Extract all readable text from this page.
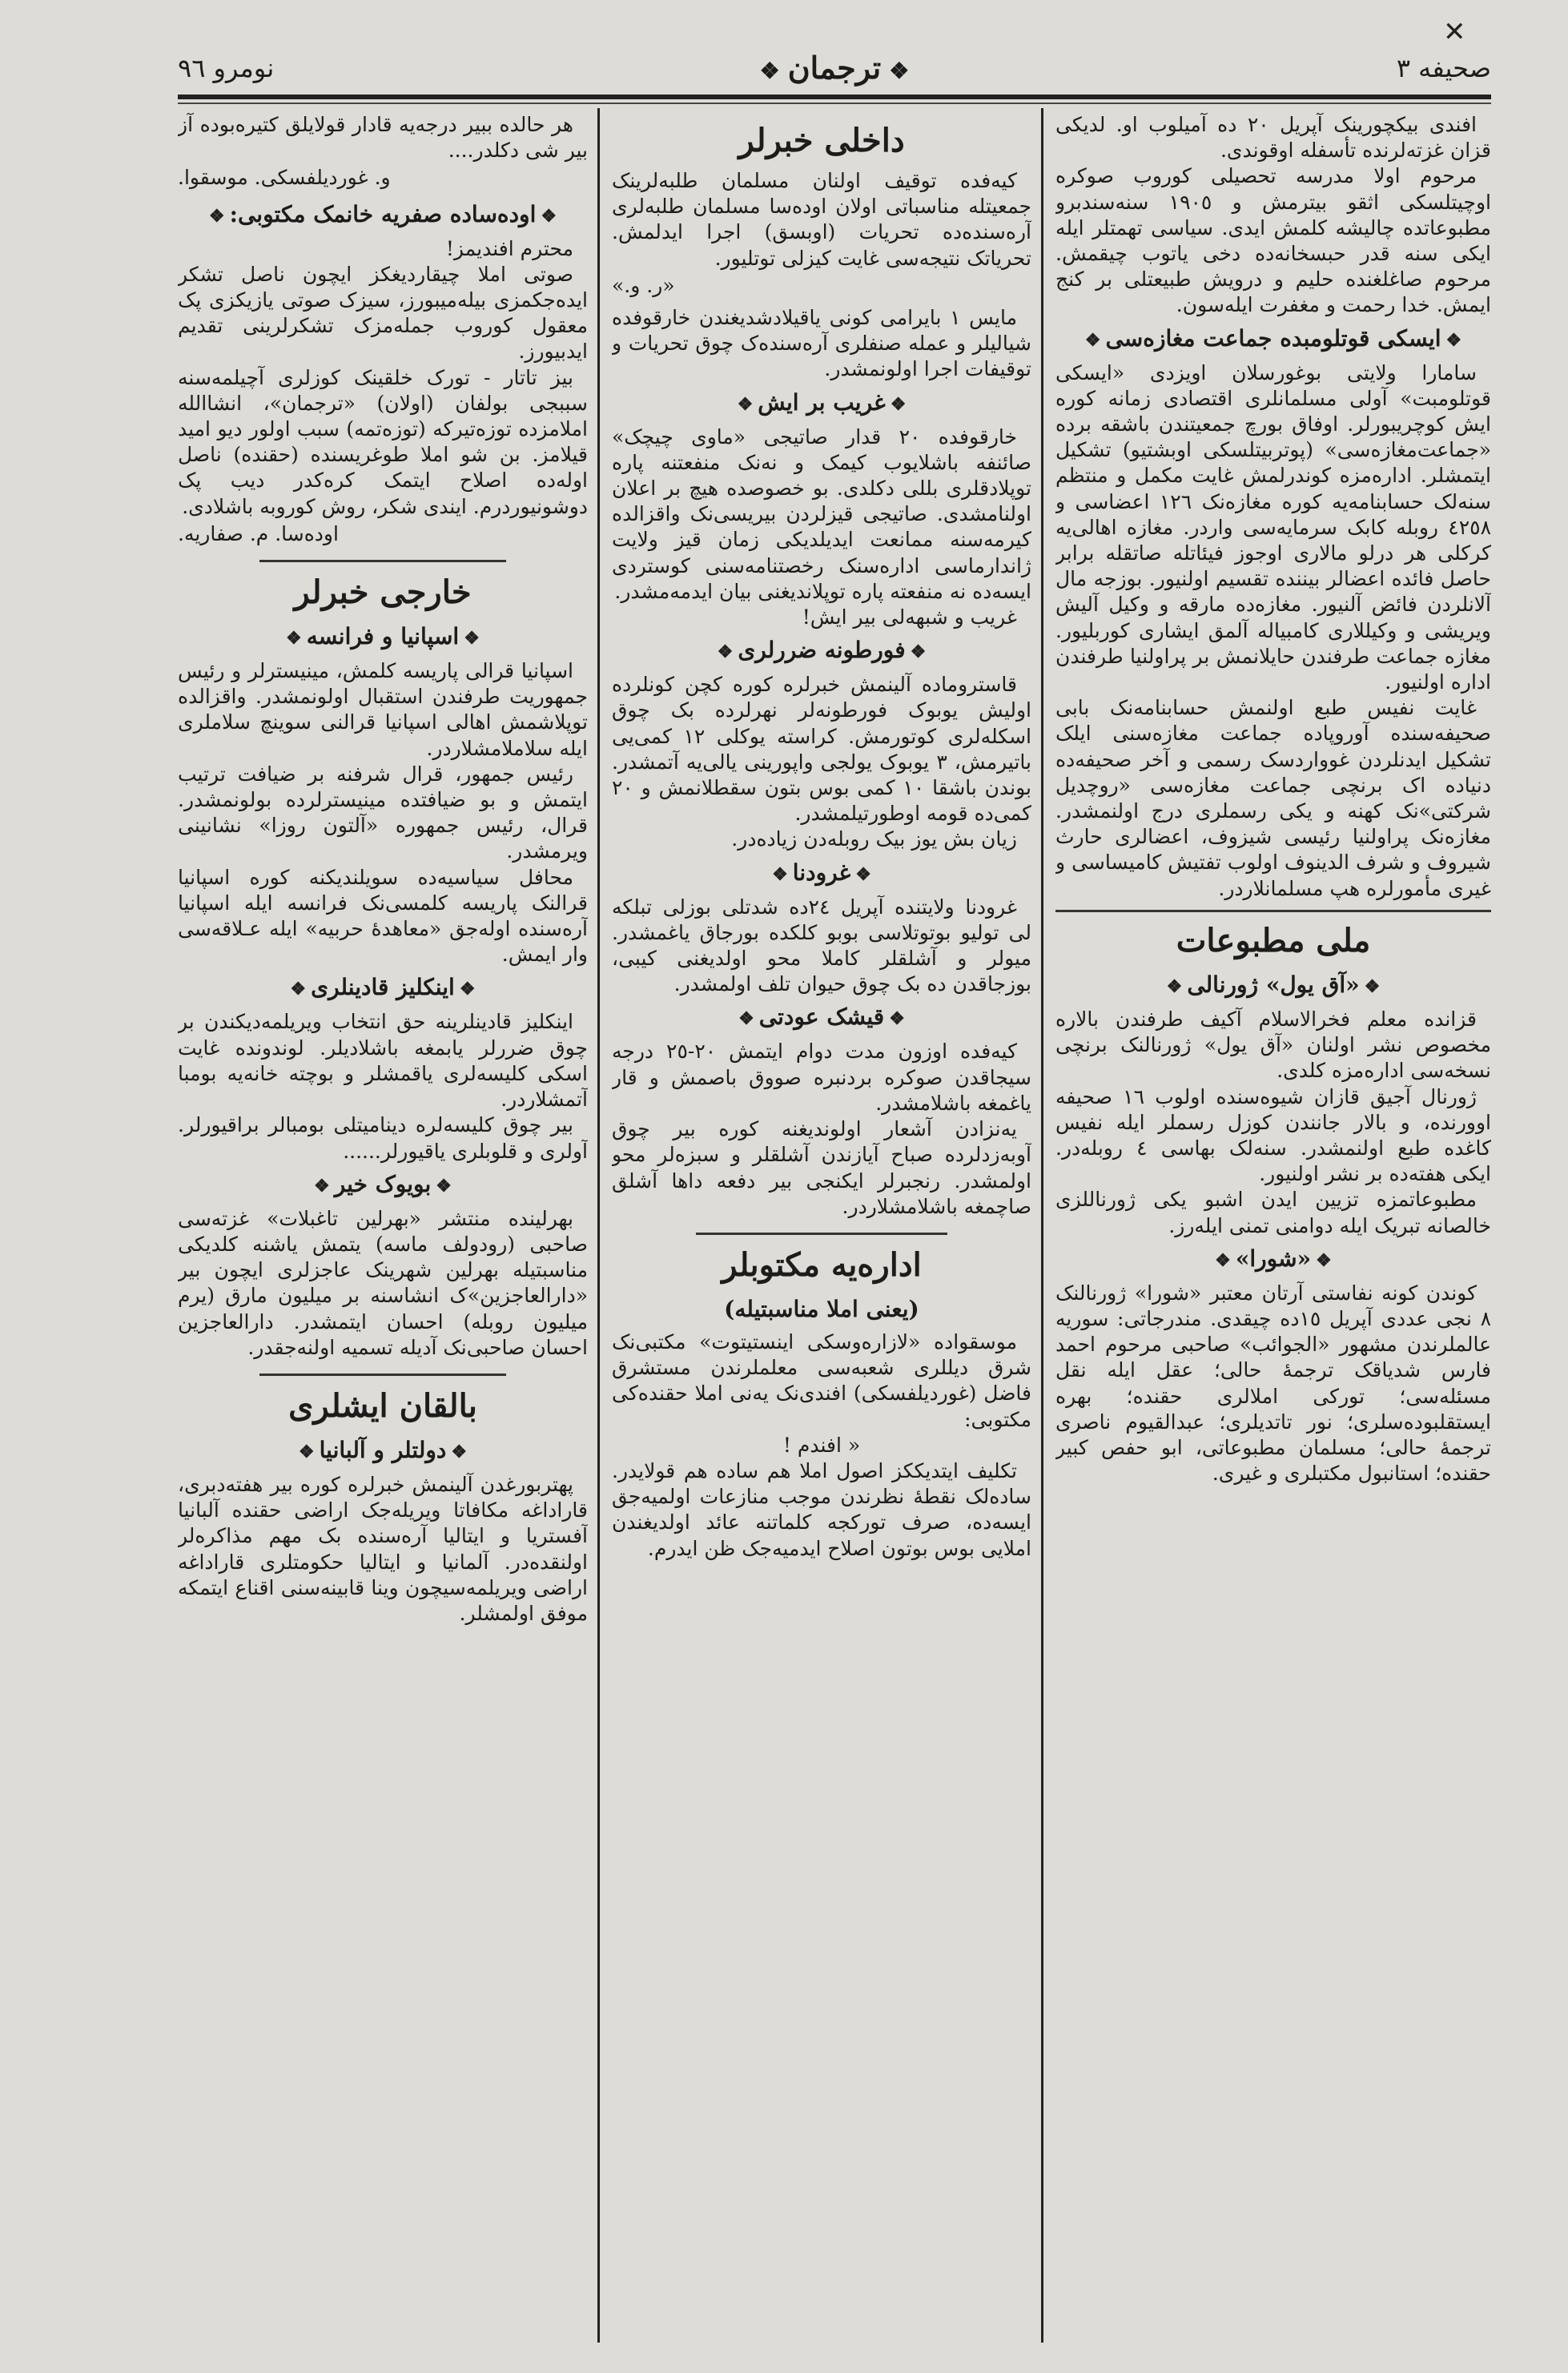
✕
صحیفه ۳
❖ترجمان❖
نومرو ٩٦

افندی بیکچورینک آپریل ٢٠ ده آمیلوب او. لدیکی قزان غزته‌لرنده تأسفله اوقوندی.

مرحوم اولا مدرسه تحصیلی کوروب صوکره اوچیتلسکی اثقو بیترمش و ١٩٠٥ سنه‌سندبرو مطبوعاتده چالیشه کلمش ایدی. سیاسی تهمتلر ایله ایکی سنه قدر حبسخانه‌ده دخی یاتوب چیقمش. مرحوم صاغلغنده حلیم و درویش طبیعتلی بر کنج ایمش. خدا رحمت و مغفرت ایله‌سون.

❖ایسکی قوتلومبده جماعت مغازه‌سی❖

سامارا ولایتی بوغورسلان اویزدی «ایسکی قوتلومبت» آولی مسلمانلری اقتصادی زمانه کوره ایش کوچریبورلر. اوفاق بورچ جمعیتندن باشقه برده «جماعت‌مغازه‌سی» (پوتربیتلسکی اوبشتیو) تشکیل ایتمشلر. اداره‌مزه کوندرلمش غایت مکمل و منتظم سنه‌لک حسابنامه‌یه کوره مغازه‌نک ١٢٦ اعضاسی و ٤٢٥٨ روبله کابک سرمایه‌سی واردر. مغازه اهالی‌یه کرکلی هر درلو مالاری اوجوز فیئاتله صاتقله برابر حاصل فائده اعضالر بیننده تقسیم اولنیور. بوزجه مال آلانلردن فائض آلنیور. مغازه‌ده مارقه و وکیل آلیش ویریشی و وکیللاری کامبیاله آلمق ایشاری کوربلیور. مغازه جماعت طرفندن حایلانمش بر پراولنیا طرفندن اداره اولنیور.

غایت نفیس طبع اولنمش حسابنامه‌نک بابی صحیفه‌سنده آوروپاده جماعت مغازه‌سنی ایلک تشکیل ایدنلردن غوواردسک رسمی و آخر صحیفه‌ده دنیاده اک برنچی جماعت مغازه‌سی «روچدیل شرکتی»نک کهنه و یکی رسملری درج اولنمشدر. مغازه‌نک پراولنیا رئیسی شیزوف، اعضالری حارث شیروف و شرف الدینوف اولوب تفتیش کامیساسی و غیری مأمورلره هپ مسلمانلاردر.

ملی مطبوعات
❖«آق یول» ژورنالی❖

قزانده معلم فخرالاسلام آکیف طرفندن بالاره مخصوص نشر اولنان «آق یول» ژورنالنک برنچی نسخه‌سی اداره‌مزه کلدی.

ژورنال آجیق قازان شیوه‌سنده اولوب ١٦ صحیفه اوورنده، و بالار جانندن کوزل رسملر ایله نفیس کاغده طبع اولنمشدر. سنه‌لک بهاسی ٤ روبله‌در. ایکی هفته‌ده بر نشر اولنیور.

مطبوعاتمزه تزیین ایدن اشبو یکی ژورناللزی خالصانه تبریک ایله دوامنی تمنی ایله‌رز.

❖«شورا»❖

کوندن کونه نفاستی آرتان معتبر «شورا» ژورنالنک ٨ نجی عددی آپریل ١٥ده چیقدی. مندرجاتی: سوریه عالملرندن مشهور «الجوائب» صاحبی مرحوم احمد فارس شدیاقک ترجمهٔ حالی؛ عقل ایله نقل مسئله‌سی؛ تورکی املالری حقنده؛ بهره ایستقلبو‌ده‌سلری؛ نور تاتدیلری؛ عبدالقیوم ناصری ترجمهٔ حالی؛ مسلمان مطبوعاتی، ابو حفص کبیر حقنده؛ استانبول مکتبلری و غیری.

داخلی خبرلر

کیه‌فده توقیف اولنان مسلمان طلبه‌لرینک جمعیتله مناسباتی اولان اوده‌سا مسلمان طلبه‌لری آره‌سنده‌ده تحریات (اوبسق) اجرا ایدلمش. تحریاتک نتیجه‌سی غایت کیزلی توتلیور.

«ر. و.»

مایس ١ بایرامی کونی یاقیلادشدیغندن خارقوفده شیالیلر و عمله صنفلری آره‌سنده‌ک چوق تحریات و توقیفات اجرا اولونمشدر.

❖غریب بر ایش❖

خارقوفده ٢٠ قدار صاتیجی «ماوی چیچک» صائنفه باشلایوب کیمک و نه‌نک منفعتنه پاره توپلادقلری بللی دکلدی. بو خصوصده هیچ بر اعلان اولنامشدی. صاتیجی قیزلردن بیریسی‌نک واقزالده کیرمه‌سنه ممانعت ایدیلدیکی زمان قیز ولایت ژاندارماسی اداره‌سنک رخصتنامه‌سنی کوستردی ایسه‌ده نه منفعته پاره توپلاندیغنی بیان ایدمه‌مشدر.

غریب و شبهه‌لی بیر ایش!

❖فورطونه ضررلری❖

قاستروماده آلینمش خبرلره کوره کچن کونلرده اولیش یوبوک فورطونه‌لر نهرلرده بک چوق اسکله‌لری کوتورمش. کراسته یوکلی ١٢ کمی‌یی باتیرمش، ٣ یوبوک یولجی واپورینی یالی‌یه آتمشدر. بوندن باشقا ١٠ کمی بوس بتون سقطلانمش و ٢٠ کمی‌ده قومه اوطورتیلمشدر.

زیان بش یوز بیک روبله‌دن زیاده‌در.

❖غرودنا❖

غرودنا ولایتنده آپریل ٢٤ده شدتلی بوزلی تبلکه لی تولیو بوتوتلاسی بوبو کلکده بورجاق یاغمشدر. میولر و آشلقلر کاملا محو اولدیغنی کیبی، بوزجاقدن ده بک چوق حیوان تلف اولمشدر.

❖قیشک عودتی❖

کیه‌فده اوزون مدت دوام ایتمش ٢٠-٢٥ درجه سیجاقدن صوکره بردنبره صووق باصمش و قار یاغمغه باشلامشدر.

یه‌نزادن آشعار اولوندیغنه کوره بیر چوق آوبه‌زدلرده صباح آیازندن آشلقلر و سبزه‌لر محو اولمشدر. رنجبرلر ایکنجی بیر دفعه داها آشلق صاچمغه باشلامشلاردر.

اداره‌یه مکتوبلر
(یعنی املا مناسبتیله)

موسقواده «لازاره‌وسکی اینستیتوت» مکتبی‌نک شرق دیللری شعبه‌سی معلملرندن مستشرق فاضل (غوردیلفسکی) افندی‌نک یه‌نی املا حقنده‌کی مکتوبی:

« افندم !

تکلیف ایتدیککز اصول املا هم ساده هم قولایدر. ساده‌لک نقطهٔ نظرندن موجب منازعات اولمیه‌جق ایسه‌ده، صرف تورکجه کلماتنه عائد اولدیغندن املایی بوس بوتون اصلاح ایدمیه‌جک ظن ایدرم.

هر حالده ببیر درجه‌یه قادار قولایلق کتیره‌بوده آز بیر شی دکلدر....

و. غوردیلفسکی. موسقوا.

❖اوده‌ساده صفریه خانمک مکتوبی:❖

محترم افندیمز!

صوتی املا چیقاردیغکز ایچون ناصل تشکر ایده‌جکمزی بیله‌میبورز، سیزک صوتی یازیکزی پک معقول کوروب جمله‌مزک تشکرلرینی تقدیم ایدبیورز.

بیز تاتار - تورک خلقینک کوزلری آچیلمه‌سنه سببجی بولفان (اولان) «ترجمان»، انشاالله املامزده توزه‌تیرکه (توزه‌تمه) سبب اولور دیو امید قیلامز. بن شو املا طوغریسنده (حقنده) ناصل اوله‌ده اصلاح ایتمک کره‌کدر دیب پک دوشونیوردرم. ایندی شکر، روش کوروبه باشلادی.

اوده‌سا. م. صفاریه.

خارجی خبرلر
❖اسپانیا و فرانسه❖

اسپانیا قرالی پاریسه کلمش، مینیسترلر و رئیس جمهوریت طرفندن استقبال اولونمشدر. واقزالده توپلاشمش اهالی اسپانیا قرالنی سوینچ سلاملری ایله سلاملامشلاردر.

رئیس جمهور، قرال شرفنه بر ضیافت ترتیب ایتمش و بو ضیافتده مینیسترلرده بولونمشدر. قرال، رئیس جمهوره «آلتون روزا» نشانینی ویرمشدر.

محافل سیاسیه‌ده سویلندیکنه کوره اسپانیا قرالنک پاریسه کلمسی‌نک فرانسه ایله اسپانیا آره‌سنده اوله‌جق «معاهدهٔ حربیه» ایله عـلاقه‌سی وار ایمش.

❖اینکلیز قادینلری❖

اینکلیز قادینلرینه حق انتخاب ویریلمه‌دیکندن بر چوق ضررلر یابمغه باشلادیلر. لوندونده غایت اسکی کلیسه‌لری یاقمشلر و بوچته خانه‌یه بومبا آتمشلاردر.

بیر چوق کلیسه‌لره دینامیتلی بومبالر براقیورلر. آولری و قلوبلری یاقیورلر......

❖بویوک خیر❖

بهرلینده منتشر «بهرلین تاغبلات» غزته‌سی صاحبی (رودولف ماسه) یتمش یاشنه کلدیکی مناسبتیله بهرلین شهرینک عاجزلری ایچون بیر «دارالعاجزین»ک انشاسنه بر میلیون مارق (یرم میلیون روبله) احسان ایتمشدر. دارالعاجزین احسان صاحبی‌نک آدیله تسمیه اولنه‌جقدر.

بالقان ایشلری
❖دولتلر و آلبانیا❖

پهتربورغدن آلینمش خبرلره کوره بیر هفته‌دبری، قاراداغه مکافاتا ویریله‌جک اراضی حقنده آلبانیا آفستریا و ایتالیا آره‌سنده بک مهم مذاکره‌لر اولنقده‌در. آلمانیا و ایتالیا حکومتلری قاراداغه اراضی ویریلمه‌سیچون وینا قابینه‌سنی اقناع ایتمکه موفق اولمشلر.
